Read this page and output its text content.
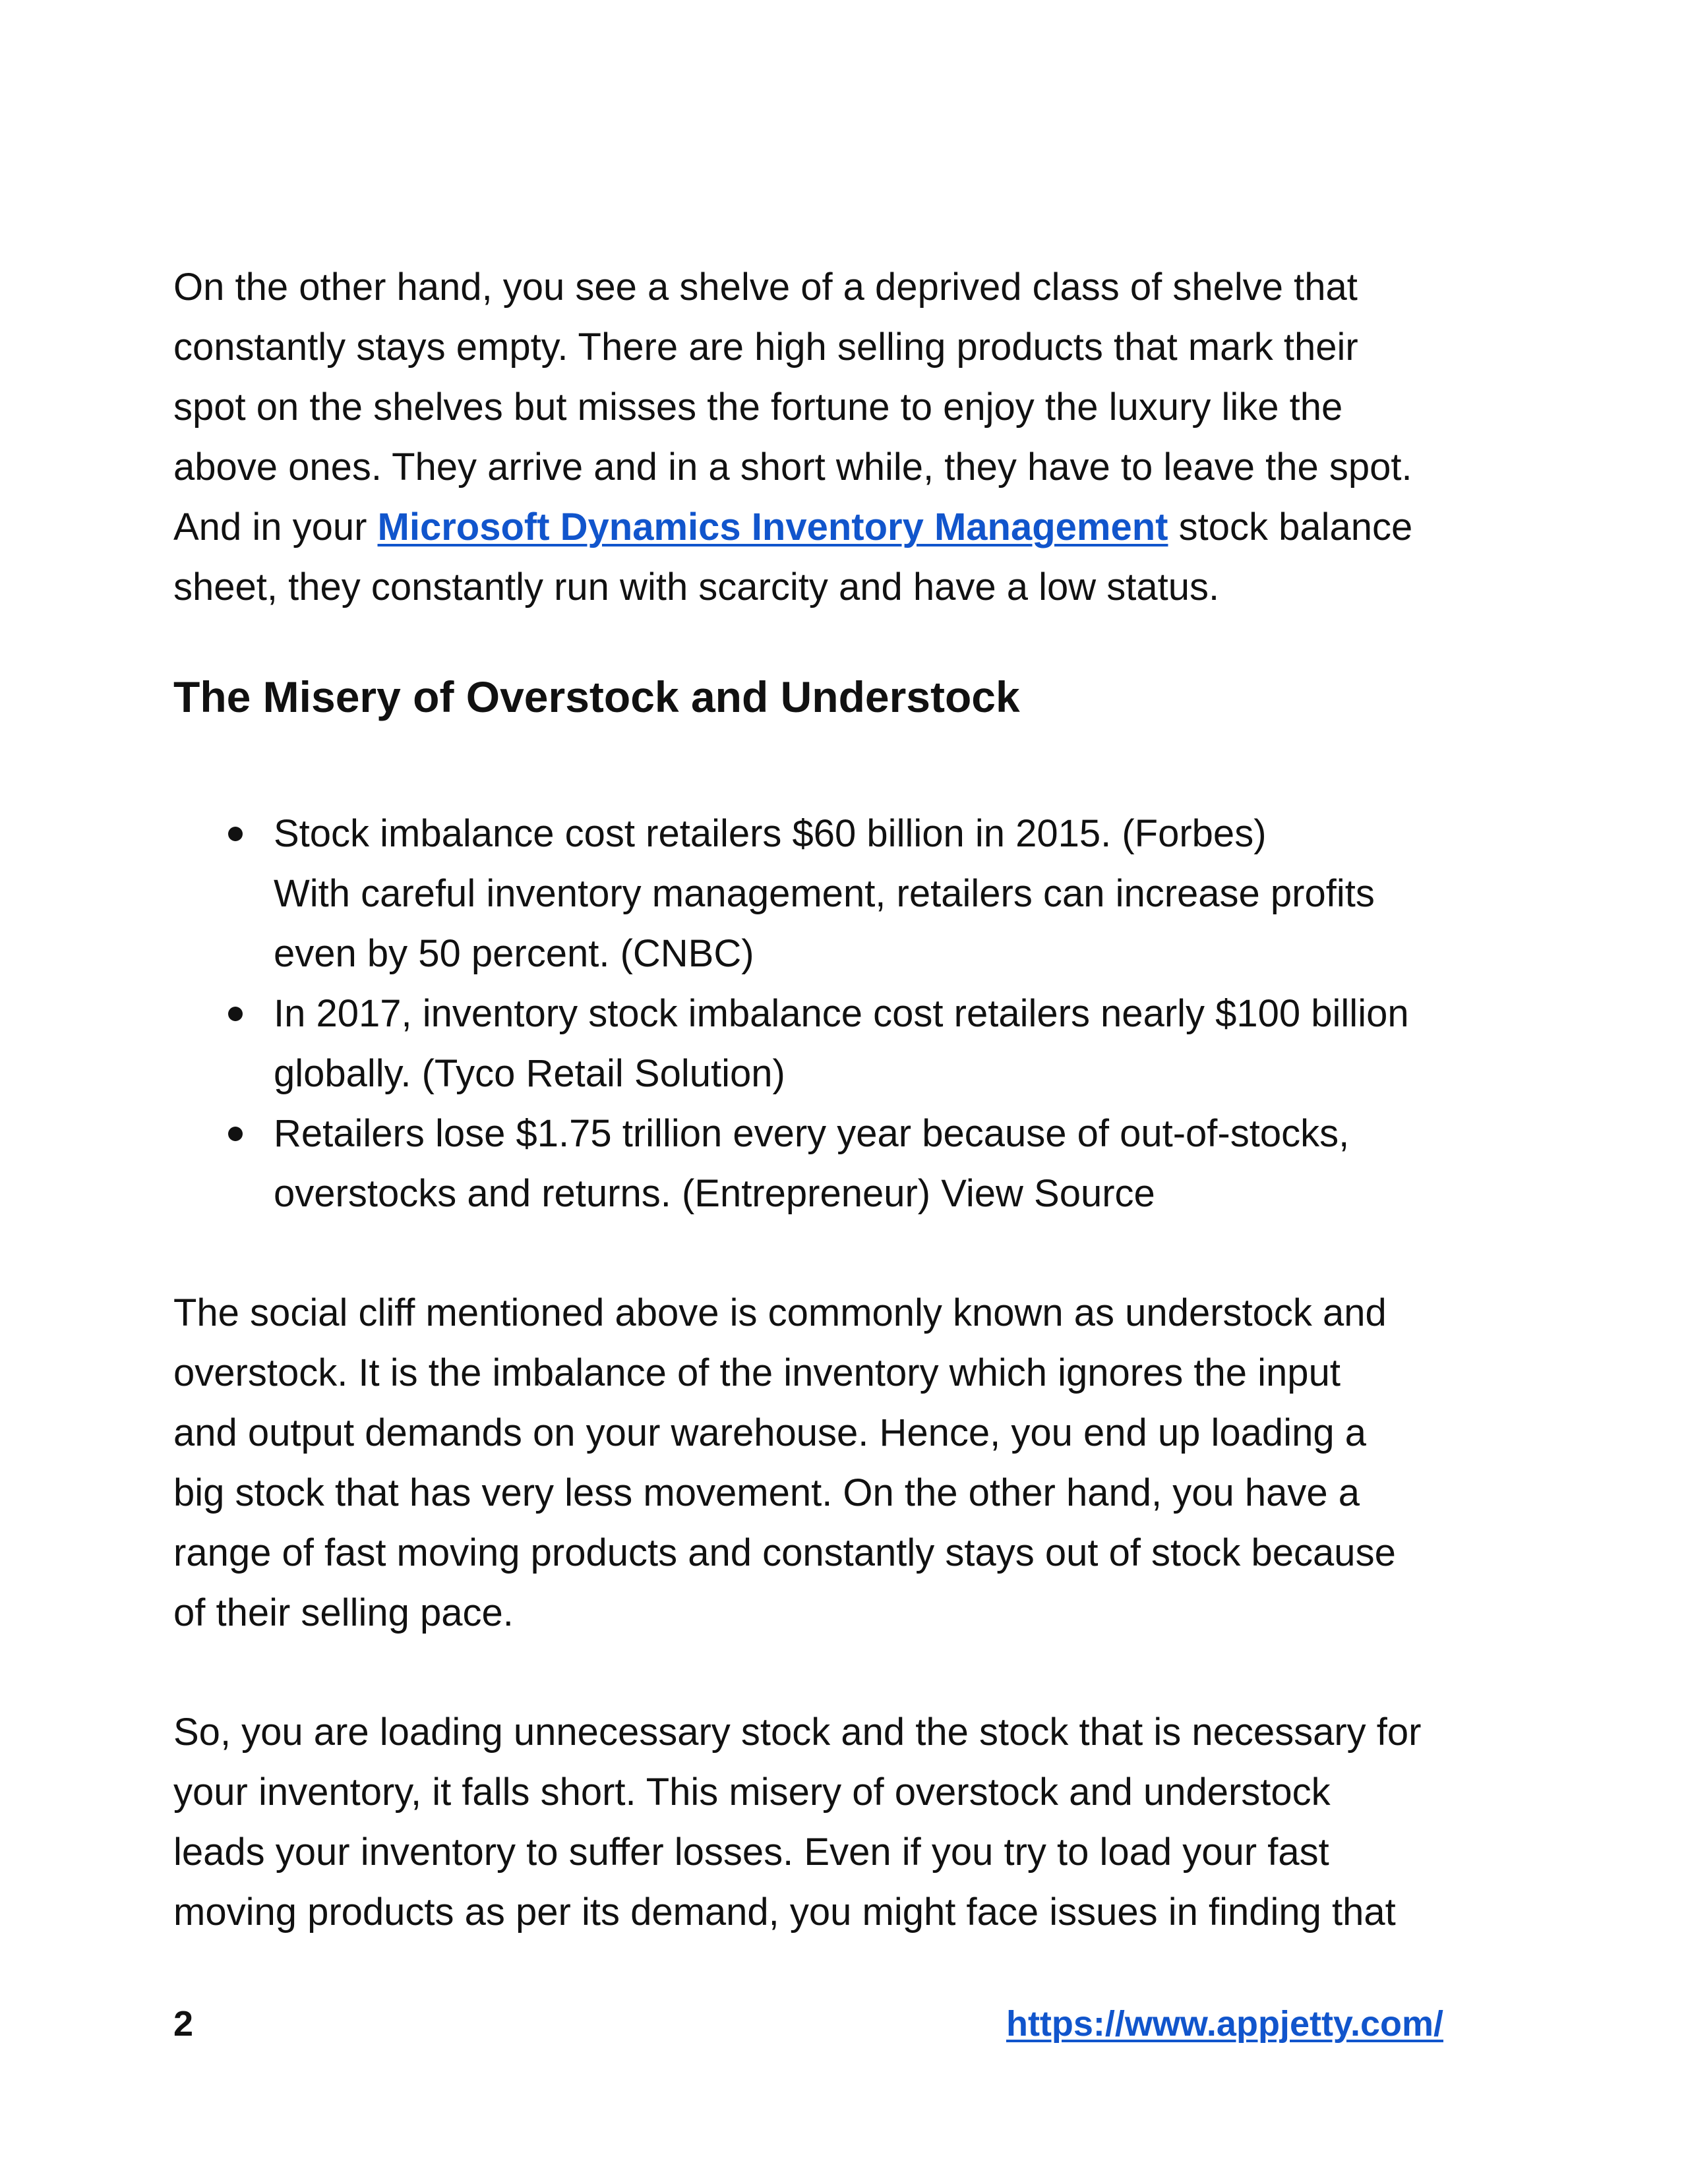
On the other hand, you see a shelve of a deprived class of shelve that
constantly stays empty. There are high selling products that mark their
spot on the shelves but misses the fortune to enjoy the luxury like the
above ones. They arrive and in a short while, they have to leave the spot.
And in your Microsoft Dynamics Inventory Management stock balance
sheet, they constantly run with scarcity and have a low status.

The Misery of Overstock and Understock
Stock imbalance cost retailers $60 billion in 2015. (Forbes)
With careful inventory management, retailers can increase profits
even by 50 percent. (CNBC)
In 2017, inventory stock imbalance cost retailers nearly $100 billion
globally. (Tyco Retail Solution)
Retailers lose $1.75 trillion every year because of out-of-stocks,
overstocks and returns. (Entrepreneur) View Source

The social cliff mentioned above is commonly known as understock and
overstock. It is the imbalance of the inventory which ignores the input
and output demands on your warehouse. Hence, you end up loading a
big stock that has very less movement. On the other hand, you have a
range of fast moving products and constantly stays out of stock because
of their selling pace.

So, you are loading unnecessary stock and the stock that is necessary for
your inventory, it falls short. This misery of overstock and understock
leads your inventory to suffer losses. Even if you try to load your fast
moving products as per its demand, you might face issues in finding that

2	https://www.appjetty.com/
